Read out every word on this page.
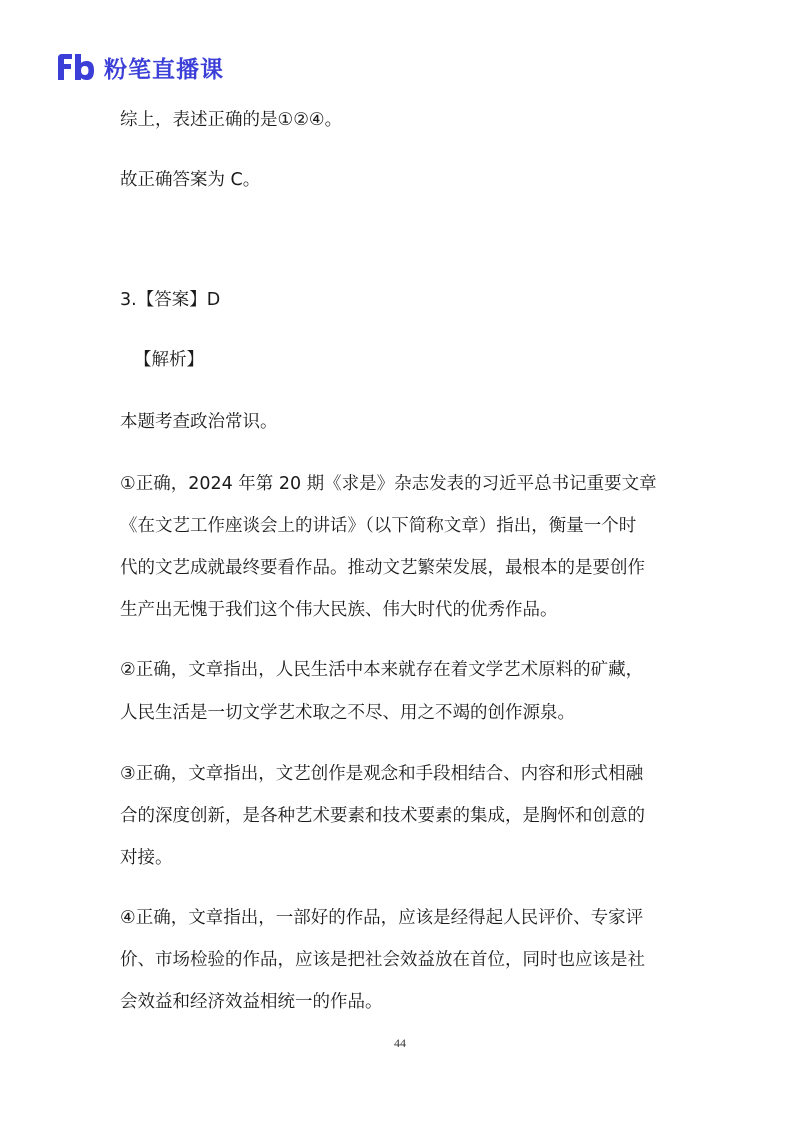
粉笔直播课
综上，表述正确的是①②④。
故正确答案为 C。
3.【答案】D
【解析】
本题考查政治常识。
①正确，2024 年第 20 期《求是》杂志发表的习近平总书记重要文章
《在文艺工作座谈会上的讲话》（以下简称文章）指出，衡量一个时
代的文艺成就最终要看作品。推动文艺繁荣发展，最根本的是要创作
生产出无愧于我们这个伟大民族、伟大时代的优秀作品。
②正确，文章指出，人民生活中本来就存在着文学艺术原料的矿藏，
人民生活是一切文学艺术取之不尽、用之不竭的创作源泉。
③正确，文章指出，文艺创作是观念和手段相结合、内容和形式相融
合的深度创新，是各种艺术要素和技术要素的集成，是胸怀和创意的
对接。
④正确，文章指出，一部好的作品，应该是经得起人民评价、专家评
价、市场检验的作品，应该是把社会效益放在首位，同时也应该是社
会效益和经济效益相统一的作品。
44
